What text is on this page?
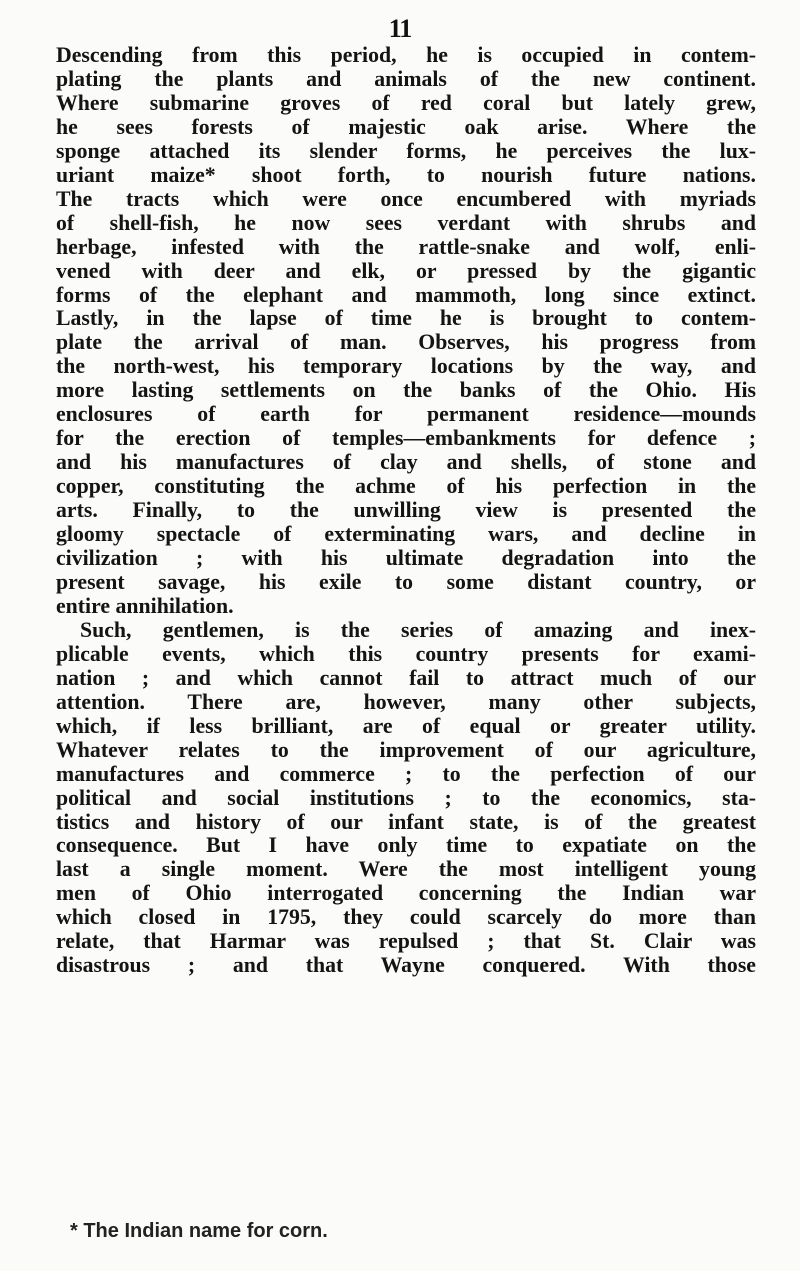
11
Descending from this period, he is occupied in contem-
plating the plants and animals of the new continent.
Where submarine groves of red coral but lately grew,
he sees forests of majestic oak arise. Where the
sponge attached its slender forms, he perceives the lux-
uriant maize* shoot forth, to nourish future nations.
The tracts which were once encumbered with myriads
of shell-fish, he now sees verdant with shrubs and
herbage, infested with the rattle-snake and wolf, enli-
vened with deer and elk, or pressed by the gigantic
forms of the elephant and mammoth, long since extinct.
Lastly, in the lapse of time he is brought to contem-
plate the arrival of man. Observes, his progress from
the north-west, his temporary locations by the way, and
more lasting settlements on the banks of the Ohio. His
enclosures of earth for permanent residence—mounds
for the erection of temples—embankments for defence ;
and his manufactures of clay and shells, of stone and
copper, constituting the achme of his perfection in the
arts. Finally, to the unwilling view is presented the
gloomy spectacle of exterminating wars, and decline in
civilization ; with his ultimate degradation into the
present savage, his exile to some distant country, or
entire annihilation.
Such, gentlemen, is the series of amazing and inex-
plicable events, which this country presents for exami-
nation ; and which cannot fail to attract much of our
attention. There are, however, many other subjects,
which, if less brilliant, are of equal or greater utility.
Whatever relates to the improvement of our agriculture,
manufactures and commerce ; to the perfection of our
political and social institutions ; to the economics, sta-
tistics and history of our infant state, is of the greatest
consequence. But I have only time to expatiate on the
last a single moment. Were the most intelligent young
men of Ohio interrogated concerning the Indian war
which closed in 1795, they could scarcely do more than
relate, that Harmar was repulsed ; that St. Clair was
disastrous ; and that Wayne conquered. With those
* The Indian name for corn.
